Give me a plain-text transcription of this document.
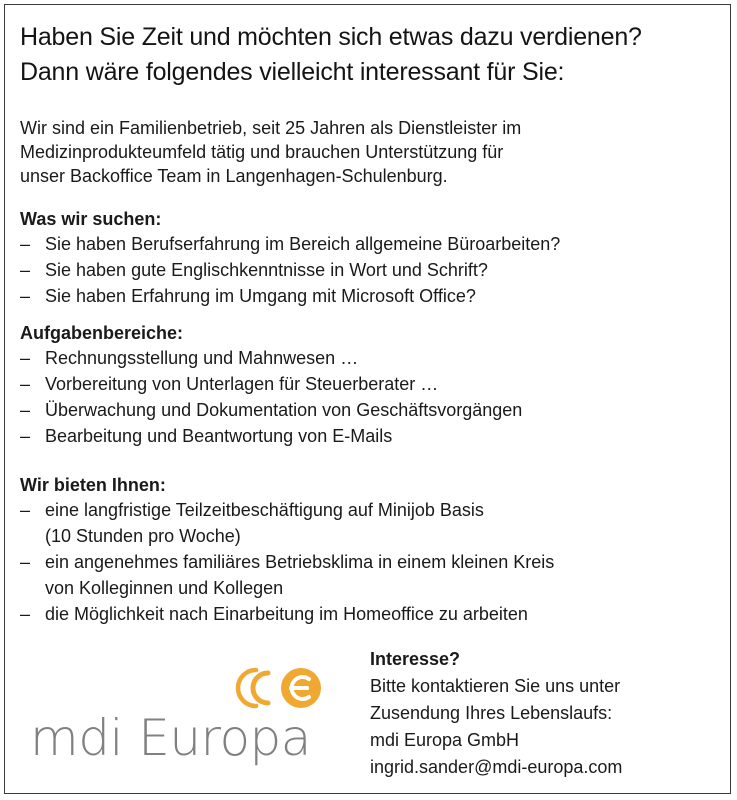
Haben Sie Zeit und möchten sich etwas dazu verdienen?
Dann wäre folgendes vielleicht interessant für Sie:

Wir sind ein Familienbetrieb, seit 25 Jahren als Dienstleister im
Medizinprodukteumfeld tätig und brauchen Unterstützung für
unser Backoffice Team in Langenhagen-Schulenburg.

Was wir suchen:
– Sie haben Berufserfahrung im Bereich allgemeine Büroarbeiten?
– Sie haben gute Englischkenntnisse in Wort und Schrift?
– Sie haben Erfahrung im Umgang mit Microsoft Office?
Aufgabenbereiche:
– Rechnungsstellung und Mahnwesen …
– Vorbereitung von Unterlagen für Steuerberater …
– Überwachung und Dokumentation von Geschäftsvorgängen
– Bearbeitung und Beantwortung von E-Mails
Wir bieten Ihnen:
– eine langfristige Teilzeitbeschäftigung auf Minijob Basis
(10 Stunden pro Woche)
– ein angenehmes familiäres Betriebsklima in einem kleinen Kreis
von Kolleginnen und Kollegen
– die Möglichkeit nach Einarbeitung im Homeoffice zu arbeiten
mdi Europa
Interesse?
Bitte kontaktieren Sie uns unter
Zusendung Ihres Lebenslaufs:
mdi Europa GmbH
ingrid.sander@mdi-europa.com
